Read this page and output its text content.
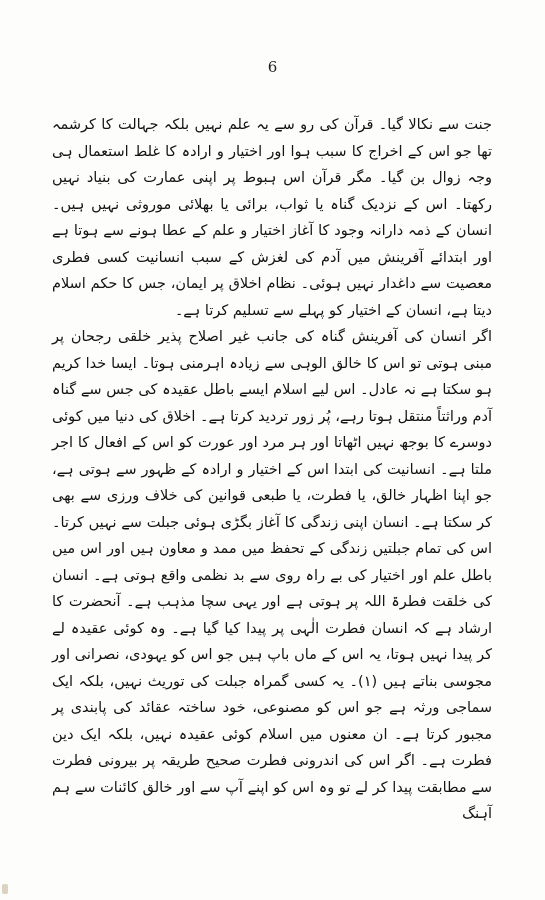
6

جنت سے نکالا گیا۔ قرآن کی رو سے یہ علم نہیں بلکہ جہالت کا کرشمہ تھا جو اس کے اخراج کا سبب ہوا اور اختیار و ارادہ کا غلط استعمال ہی وجہ زوال بن گیا۔ مگر قرآن اس ہبوط پر اپنی عمارت کی بنیاد نہیں رکھتا۔ اس کے نزدیک گناہ یا ثواب، برائی یا بھلائی موروثی نہیں ہیں۔ انسان کے ذمہ دارانہ وجود کا آغاز اختیار و علم کے عطا ہونے سے ہوتا ہے اور ابتدائے آفرینش میں آدم کی لغزش کے سبب انسانیت کسی فطری معصیت سے داغدار نہیں ہوئی۔ نظام اخلاق پر ایمان، جس کا حکم اسلام دیتا ہے، انسان کے اختیار کو پہلے سے تسلیم کرتا ہے۔

اگر انسان کی آفرینش گناہ کی جانب غیر اصلاح پذیر خلقی رجحان پر مبنی ہوتی تو اس کا خالق الوہی سے زیادہ اہرمنی ہوتا۔ ایسا خدا کریم ہو سکتا ہے نہ عادل۔ اس لیے اسلام ایسے باطل عقیدہ کی جس سے گناہ آدم وراثتاً منتقل ہوتا رہے، پُر زور تردید کرتا ہے۔ اخلاق کی دنیا میں کوئی دوسرے کا بوجھ نہیں اٹھاتا اور ہر مرد اور عورت کو اس کے افعال کا اجر ملتا ہے۔ انسانیت کی ابتدا اس کے اختیار و ارادہ کے ظہور سے ہوتی ہے، جو اپنا اظہار خالق، یا فطرت، یا طبعی قوانین کی خلاف ورزی سے بھی کر سکتا ہے۔ انسان اپنی زندگی کا آغاز بگڑی ہوئی جبلت سے نہیں کرتا۔ اس کی تمام جبلتیں زندگی کے تحفظ میں ممد و معاون ہیں اور اس میں باطل علم اور اختیار کی بے راہ روی سے بد نظمی واقع ہوتی ہے۔ انسان کی خلقت فطرۃ اللہ پر ہوتی ہے اور یہی سچا مذہب ہے۔ آنحضرت کا ارشاد ہے کہ انسان فطرت الٰہی پر پیدا کیا گیا ہے۔ وہ کوئی عقیدہ لے کر پیدا نہیں ہوتا، یہ اس کے ماں باپ ہیں جو اس کو یہودی، نصرانی اور مجوسی بناتے ہیں (۱)۔ یہ کسی گمراہ جبلت کی توریث نہیں، بلکہ ایک سماجی ورثہ ہے جو اس کو مصنوعی، خود ساختہ عقائد کی پابندی پر مجبور کرتا ہے۔ ان معنوں میں اسلام کوئی عقیدہ نہیں، بلکہ ایک دین فطرت ہے۔ اگر اس کی اندرونی فطرت صحیح طریقہ پر بیرونی فطرت سے مطابقت پیدا کر لے تو وہ اس کو اپنے آپ سے اور خالق کائنات سے ہم آہنگ
